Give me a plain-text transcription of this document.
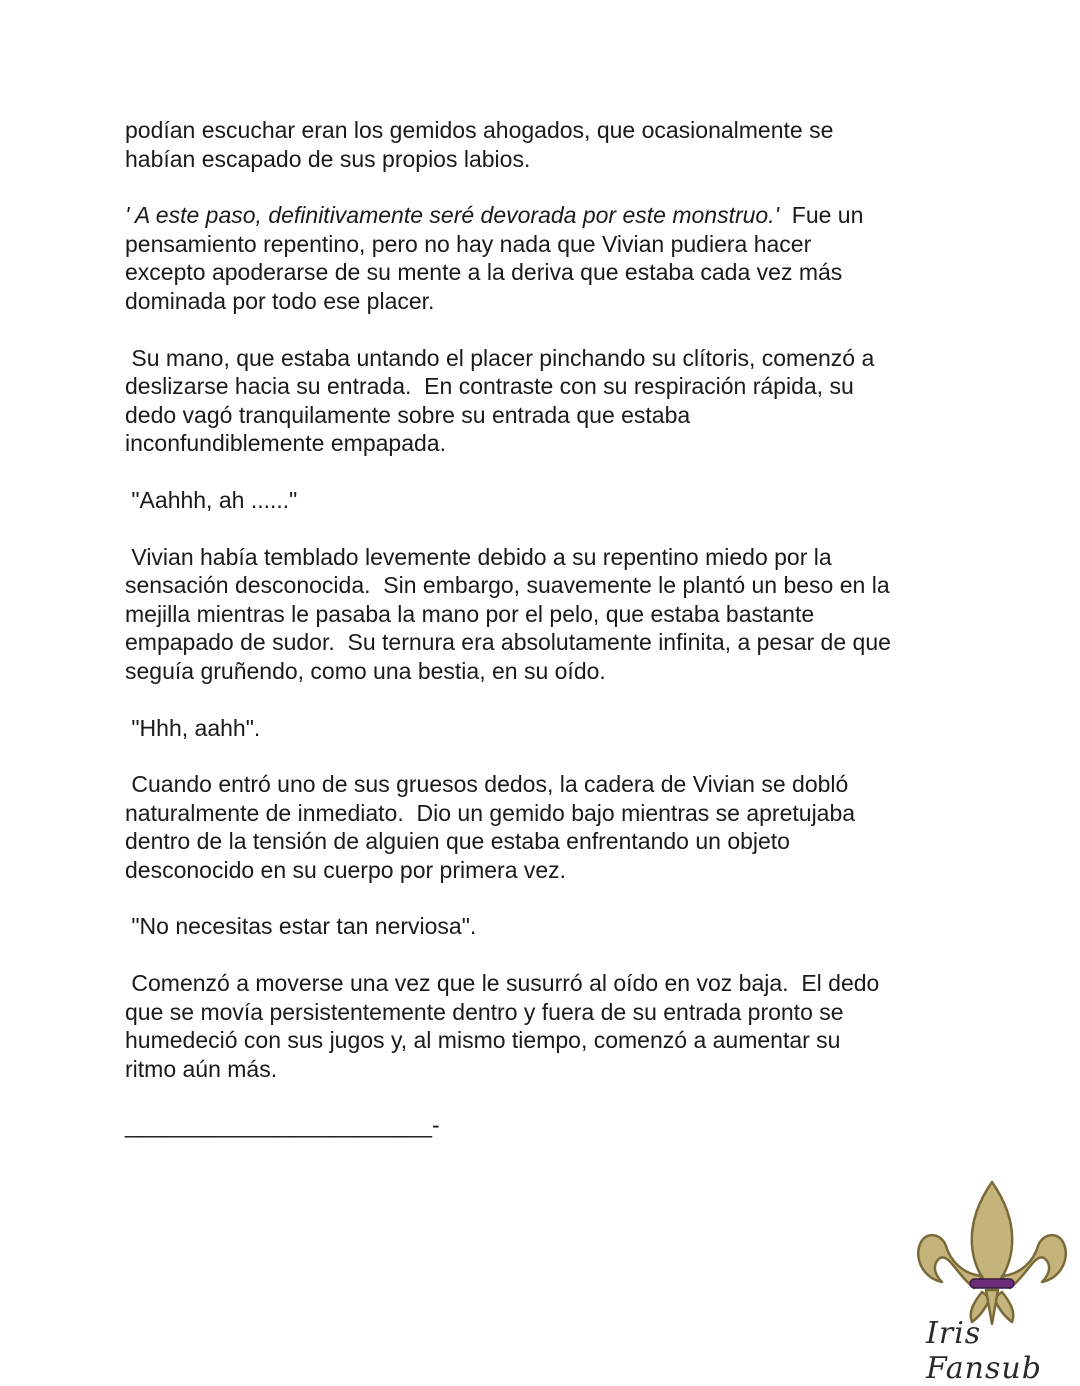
podían escuchar eran los gemidos ahogados, que ocasionalmente se
habían escapado de sus propios labios.

' A este paso, definitivamente seré devorada por este monstruo.'  Fue un
pensamiento repentino, pero no hay nada que Vivian pudiera hacer
excepto apoderarse de su mente a la deriva que estaba cada vez más
dominada por todo ese placer.

Su mano, que estaba untando el placer pinchando su clítoris, comenzó a
deslizarse hacia su entrada.  En contraste con su respiración rápida, su
dedo vagó tranquilamente sobre su entrada que estaba
inconfundiblemente empapada.

"Aahhh, ah ......"

Vivian había temblado levemente debido a su repentino miedo por la
sensación desconocida.  Sin embargo, suavemente le plantó un beso en la
mejilla mientras le pasaba la mano por el pelo, que estaba bastante
empapado de sudor.  Su ternura era absolutamente infinita, a pesar de que
seguía gruñendo, como una bestia, en su oído.

"Hhh, aahh".

Cuando entró uno de sus gruesos dedos, la cadera de Vivian se dobló
naturalmente de inmediato.  Dio un gemido bajo mientras se apretujaba
dentro de la tensión de alguien que estaba enfrentando un objeto
desconocido en su cuerpo por primera vez.

"No necesitas estar tan nerviosa".

Comenzó a moverse una vez que le susurró al oído en voz baja.  El dedo
que se movía persistentemente dentro y fuera de su entrada pronto se
humedeció con sus jugos y, al mismo tiempo, comenzó a aumentar su
ritmo aún más.

________________________-
Iris Fansub
